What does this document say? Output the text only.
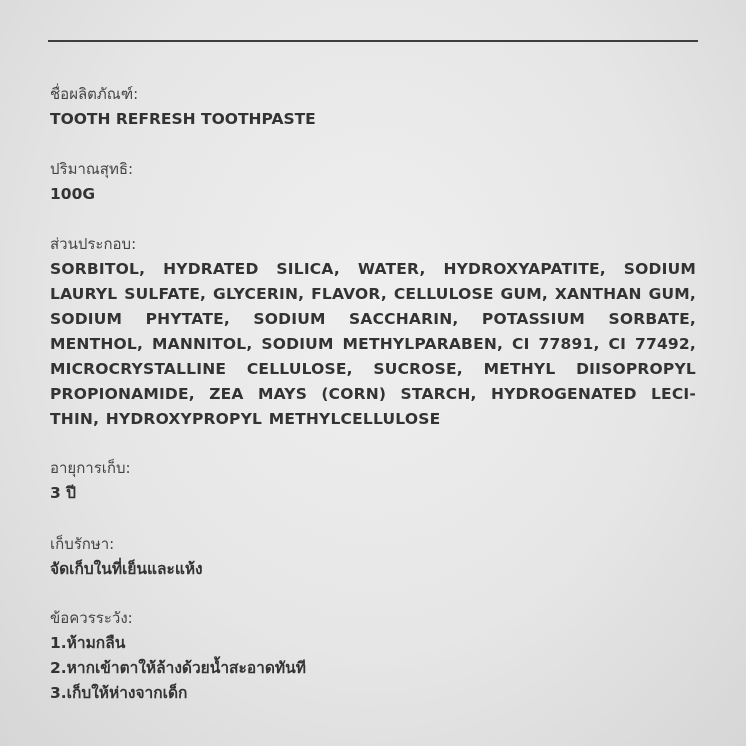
ชื่อผลิตภัณฑ์:
TOOTH REFRESH TOOTHPASTE
ปริมาณสุทธิ:
100G
ส่วนประกอบ:
SORBITOL, HYDRATED SILICA, WATER, HYDROXYAPATITE, SODIUM LAURYL SULFATE, GLYCERIN, FLAVOR, CELLULOSE GUM, XANTHAN GUM, SODIUM PHYTATE, SODIUM SACCHARIN, POTASSIUM SORBATE, MENTHOL, MANNITOL, SODIUM METHYLPARABEN, CI 77891, CI 77492, MICROCRYSTALLINE CELLULOSE, SUCROSE, METHYL DIISOPROPYL PROPIONAMIDE, ZEA MAYS (CORN) STARCH, HYDROGENATED LECI-THIN, HYDROXYPROPYL METHYLCELLULOSE
อายุการเก็บ:
3 ปี
เก็บรักษา:
จัดเก็บในที่เย็นและแห้ง
ข้อควรระวัง:
1.ห้ามกลืน
2.หากเข้าตาให้ล้างด้วยน้ำสะอาดทันที
3.เก็บให้ห่างจากเด็ก
